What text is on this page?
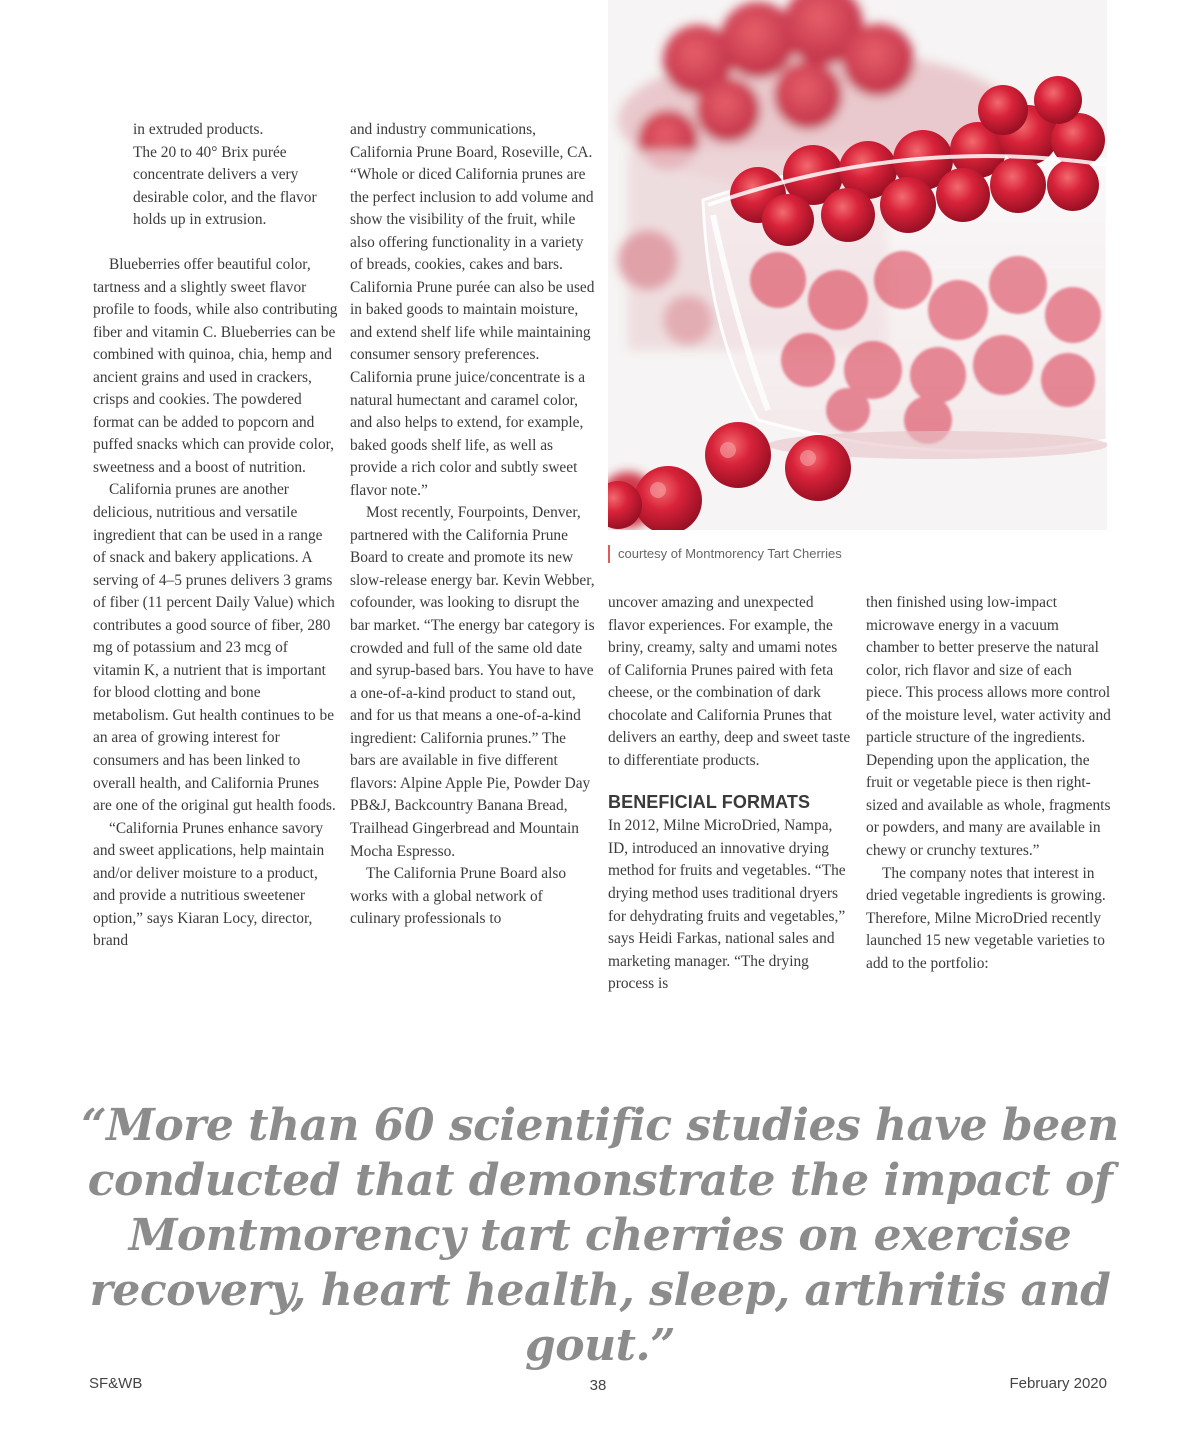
in extruded products.

The 20 to 40° Brix purée concentrate delivers a very desirable color, and the flavor holds up in extrusion.

Blueberries offer beautiful color, tartness and a slightly sweet flavor profile to foods, while also contributing fiber and vitamin C. Blueberries can be combined with quinoa, chia, hemp and ancient grains and used in crackers, crisps and cookies. The powdered format can be added to popcorn and puffed snacks which can provide color, sweetness and a boost of nutrition.

California prunes are another delicious, nutritious and versatile ingredient that can be used in a range of snack and bakery applications. A serving of 4–5 prunes delivers 3 grams of fiber (11 percent Daily Value) which contributes a good source of fiber, 280 mg of potassium and 23 mcg of vitamin K, a nutrient that is important for blood clotting and bone metabolism. Gut health continues to be an area of growing interest for consumers and has been linked to overall health, and California Prunes are one of the original gut health foods.

“California Prunes enhance savory and sweet applications, help maintain and/or deliver moisture to a product, and provide a nutritious sweetener option,” says Kiaran Locy, director, brand

and industry communications, California Prune Board, Roseville, CA. “Whole or diced California prunes are the perfect inclusion to add volume and show the visibility of the fruit, while also offering functionality in a variety of breads, cookies, cakes and bars. California Prune purée can also be used in baked goods to maintain moisture, and extend shelf life while maintaining consumer sensory preferences. California prune juice/concentrate is a natural humectant and caramel color, and also helps to extend, for example, baked goods shelf life, as well as provide a rich color and subtly sweet flavor note.”

Most recently, Fourpoints, Denver, partnered with the California Prune Board to create and promote its new slow-release energy bar. Kevin Webber, cofounder, was looking to disrupt the bar market. “The energy bar category is crowded and full of the same old date and syrup-based bars. You have to have a one-of-a-kind product to stand out, and for us that means a one-of-a-kind ingredient: California prunes.” The bars are available in five different flavors: Alpine Apple Pie, Powder Day PB&J, Backcountry Banana Bread, Trailhead Gingerbread and Mountain Mocha Espresso.

The California Prune Board also works with a global network of culinary professionals to

courtesy of Montmorency Tart Cherries

uncover amazing and unexpected flavor experiences. For example, the briny, creamy, salty and umami notes of California Prunes paired with feta cheese, or the combination of dark chocolate and California Prunes that delivers an earthy, deep and sweet taste to differentiate products.

BENEFICIAL FORMATS

In 2012, Milne MicroDried, Nampa, ID, introduced an innovative drying method for fruits and vegetables. “The drying method uses traditional dryers for dehydrating fruits and vegetables,” says Heidi Farkas, national sales and marketing manager. “The drying process is

then finished using low-impact microwave energy in a vacuum chamber to better preserve the natural color, rich flavor and size of each piece. This process allows more control of the moisture level, water activity and particle structure of the ingredients. Depending upon the application, the fruit or vegetable piece is then right-sized and available as whole, fragments or powders, and many are available in chewy or crunchy textures.”

The company notes that interest in dried vegetable ingredients is growing. Therefore, Milne MicroDried recently launched 15 new vegetable varieties to add to the portfolio:

“More than 60 scientific studies have been conducted that demonstrate the impact of Montmorency tart cherries on exercise recovery, heart health, sleep, arthritis and gout.”
SF&WB	38	February 2020
